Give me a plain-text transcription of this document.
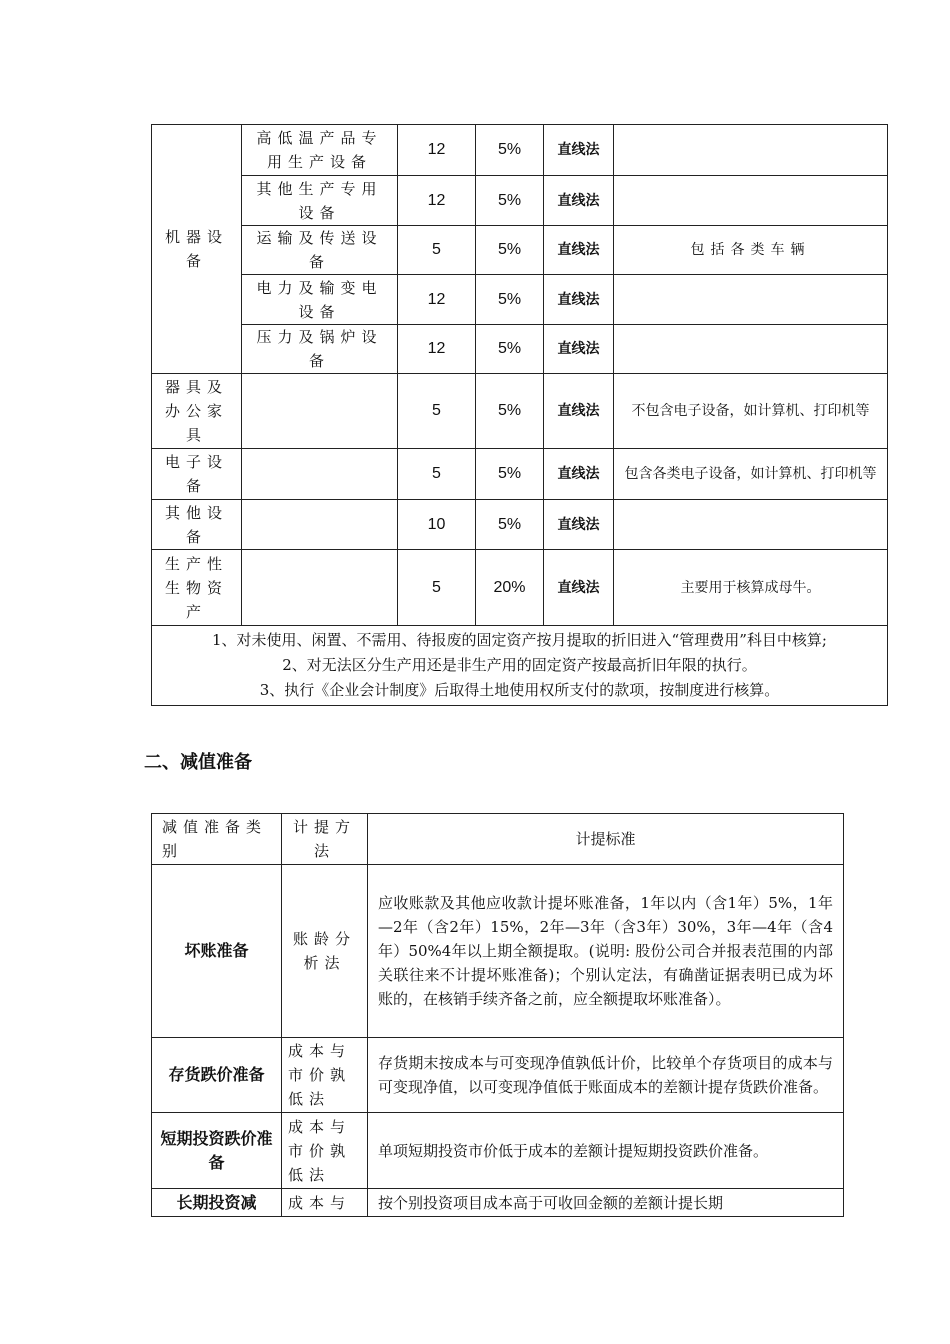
机器设备	高低温产品专用生产设备	12	5%	直线法	
	其他生产专用设备	12	5%	直线法	
	运输及传送设备	5	5%	直线法	包括各类车辆
	电力及输变电设备	12	5%	直线法	
	压力及锅炉设备	12	5%	直线法	
器具及办公家具		5	5%	直线法	不包含电子设备，如计算机、打印机等
电子设备		5	5%	直线法	包含各类电子设备，如计算机、打印机等
其他设备		10	5%	直线法	
生产性生物资产		5	20%	直线法	主要用于核算成母牛。

1、对未使用、闲置、不需用、待报废的固定资产按月提取的折旧进入“管理费用”科目中核算;
2、对无法区分生产用还是非生产用的固定资产按最高折旧年限的执行。
3、执行《企业会计制度》后取得土地使用权所支付的款项，按制度进行核算。					
二、减值准备
减值准备类别	计提方法	计提标准
坏账准备	账龄分析法	应收账款及其他应收款计提坏账准备，1年以内（含1年）5%，1年—2年（含2年）15%，2年—3年（含3年）30%，3年—4年（含4年）50%4年以上期全额提取。(说明: 股份公司合并报表范围的内部关联往来不计提坏账准备)；个别认定法，有确凿证据表明已成为坏账的，在核销手续齐备之前，应全额提取坏账准备）。
存货跌价准备	成本与市价孰低法	存货期末按成本与可变现净值孰低计价，比较单个存货项目的成本与可变现净值，以可变现净值低于账面成本的差额计提存货跌价准备。
短期投资跌价准备	成本与市价孰低法	单项短期投资市价低于成本的差额计提短期投资跌价准备。
长期投资减	成本与	按个别投资项目成本高于可收回金额的差额计提长期
